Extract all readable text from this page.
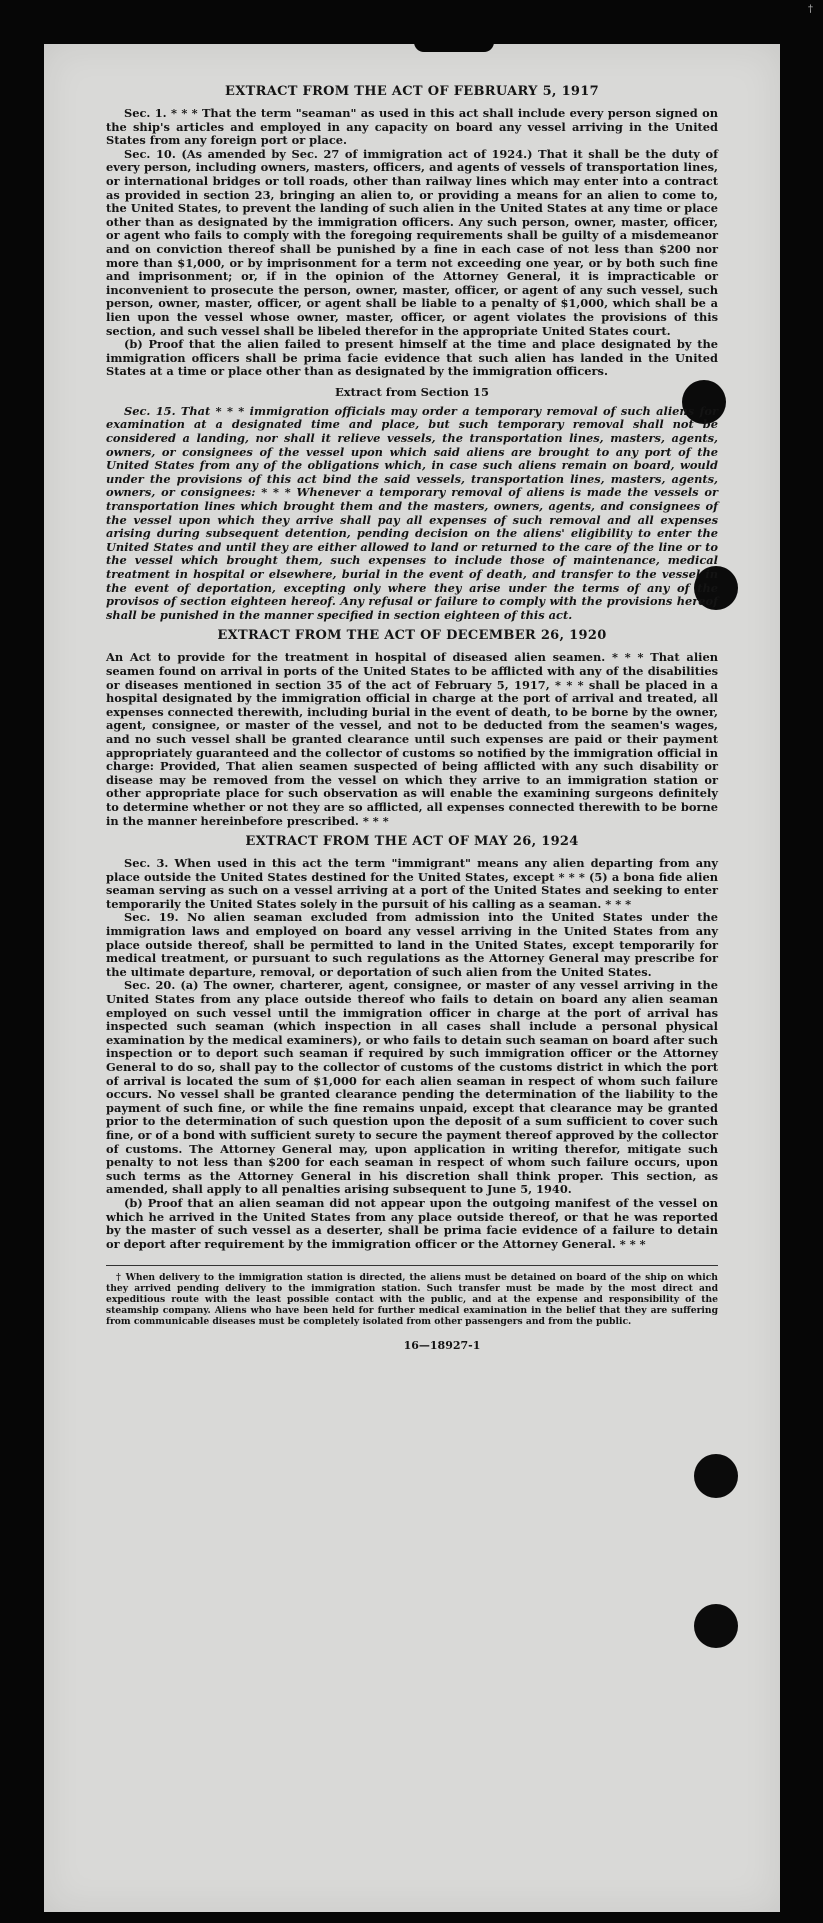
EXTRACT FROM THE ACT OF FEBRUARY 5, 1917

Sec. 1. * * * That the term "seaman" as used in this act shall include every person signed on the ship's articles and employed in any capacity on board any vessel arriving in the United States from any foreign port or place.

Sec. 10. (As amended by Sec. 27 of immigration act of 1924.) That it shall be the duty of every person, including owners, masters, officers, and agents of vessels of transportation lines, or international bridges or toll roads, other than railway lines which may enter into a contract as provided in section 23, bringing an alien to, or providing a means for an alien to come to, the United States, to prevent the landing of such alien in the United States at any time or place other than as designated by the immigration officers. Any such person, owner, master, officer, or agent who fails to comply with the foregoing requirements shall be guilty of a misdemeanor and on conviction thereof shall be punished by a fine in each case of not less than $200 nor more than $1,000, or by imprisonment for a term not exceeding one year, or by both such fine and imprisonment; or, if in the opinion of the Attorney General, it is impracticable or inconvenient to prosecute the person, owner, master, officer, or agent of any such vessel, such person, owner, master, officer, or agent shall be liable to a penalty of $1,000, which shall be a lien upon the vessel whose owner, master, officer, or agent violates the provisions of this section, and such vessel shall be libeled therefor in the appropriate United States court.

(b) Proof that the alien failed to present himself at the time and place designated by the immigration officers shall be prima facie evidence that such alien has landed in the United States at a time or place other than as designated by the immigration officers.

Extract from Section 15

Sec. 15. That * * * immigration officials may order a temporary removal of such aliens for examination at a designated time and place, but such temporary removal shall not be considered a landing, nor shall it relieve vessels, the transportation lines, masters, agents, owners, or consignees of the vessel upon which said aliens are brought to any port of the United States from any of the obligations which, in case such aliens remain on board, would under the provisions of this act bind the said vessels, transportation lines, masters, agents, owners, or consignees: * * * Whenever a temporary removal of aliens is made the vessels or transportation lines which brought them and the masters, owners, agents, and consignees of the vessel upon which they arrive shall pay all expenses of such removal and all expenses arising during subsequent detention, pending decision on the aliens' eligibility to enter the United States and until they are either allowed to land or returned to the care of the line or to the vessel which brought them, such expenses to include those of maintenance, medical treatment in hospital or elsewhere, burial in the event of death, and transfer to the vessel in the event of deportation, excepting only where they arise under the terms of any of the provisos of section eighteen hereof. Any refusal or failure to comply with the provisions hereof shall be punished in the manner specified in section eighteen of this act.

EXTRACT FROM THE ACT OF DECEMBER 26, 1920

An Act to provide for the treatment in hospital of diseased alien seamen. * * * That alien seamen found on arrival in ports of the United States to be afflicted with any of the disabilities or diseases mentioned in section 35 of the act of February 5, 1917, * * * shall be placed in a hospital designated by the immigration official in charge at the port of arrival and treated, all expenses connected therewith, including burial in the event of death, to be borne by the owner, agent, consignee, or master of the vessel, and not to be deducted from the seamen's wages, and no such vessel shall be granted clearance until such expenses are paid or their payment appropriately guaranteed and the collector of customs so notified by the immigration official in charge: Provided, That alien seamen suspected of being afflicted with any such disability or disease may be removed from the vessel on which they arrive to an immigration station or other appropriate place for such observation as will enable the examining surgeons definitely to determine whether or not they are so afflicted, all expenses connected therewith to be borne in the manner hereinbefore prescribed. * * *

EXTRACT FROM THE ACT OF MAY 26, 1924

Sec. 3. When used in this act the term "immigrant" means any alien departing from any place outside the United States destined for the United States, except * * * (5) a bona fide alien seaman serving as such on a vessel arriving at a port of the United States and seeking to enter temporarily the United States solely in the pursuit of his calling as a seaman. * * *

Sec. 19. No alien seaman excluded from admission into the United States under the immigration laws and employed on board any vessel arriving in the United States from any place outside thereof, shall be permitted to land in the United States, except temporarily for medical treatment, or pursuant to such regulations as the Attorney General may prescribe for the ultimate departure, removal, or deportation of such alien from the United States.

Sec. 20. (a) The owner, charterer, agent, consignee, or master of any vessel arriving in the United States from any place outside thereof who fails to detain on board any alien seaman employed on such vessel until the immigration officer in charge at the port of arrival has inspected such seaman (which inspection in all cases shall include a personal physical examination by the medical examiners), or who fails to detain such seaman on board after such inspection or to deport such seaman if required by such immigration officer or the Attorney General to do so, shall pay to the collector of customs of the customs district in which the port of arrival is located the sum of $1,000 for each alien seaman in respect of whom such failure occurs. No vessel shall be granted clearance pending the determination of the liability to the payment of such fine, or while the fine remains unpaid, except that clearance may be granted prior to the determination of such question upon the deposit of a sum sufficient to cover such fine, or of a bond with sufficient surety to secure the payment thereof approved by the collector of customs. The Attorney General may, upon application in writing therefor, mitigate such penalty to not less than $200 for each seaman in respect of whom such failure occurs, upon such terms as the Attorney General in his discretion shall think proper. This section, as amended, shall apply to all penalties arising subsequent to June 5, 1940.

(b) Proof that an alien seaman did not appear upon the outgoing manifest of the vessel on which he arrived in the United States from any place outside thereof, or that he was reported by the master of such vessel as a deserter, shall be prima facie evidence of a failure to detain or deport after requirement by the immigration officer or the Attorney General. * * *

† When delivery to the immigration station is directed, the aliens must be detained on board of the ship on which they arrived pending delivery to the immigration station. Such transfer must be made by the most direct and expeditious route with the least possible contact with the public, and at the expense and responsibility of the steamship company. Aliens who have been held for further medical examination in the belief that they are suffering from communicable diseases must be completely isolated from other passengers and from the public.

16—18927-1
†
